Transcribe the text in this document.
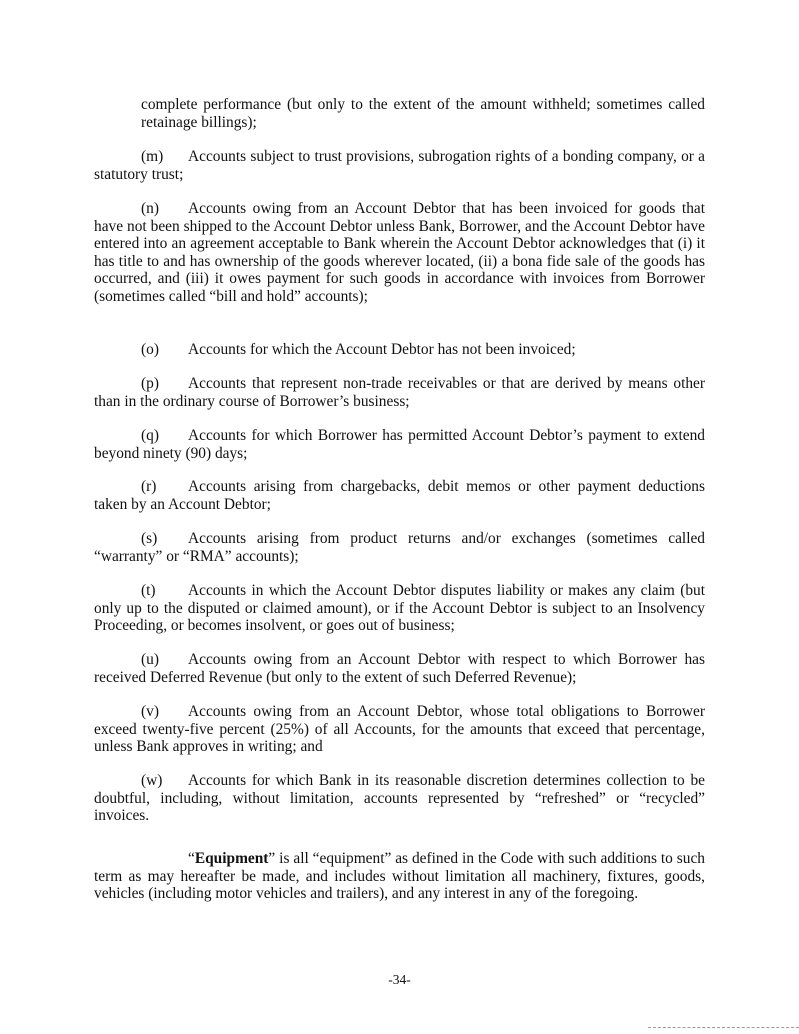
complete performance (but only to the extent of the amount withheld; sometimes called retainage billings);

(m) Accounts subject to trust provisions, subrogation rights of a bonding company, or a statutory trust;

(n) Accounts owing from an Account Debtor that has been invoiced for goods that have not been shipped to the Account Debtor unless Bank, Borrower, and the Account Debtor have entered into an agreement acceptable to Bank wherein the Account Debtor acknowledges that (i) it has title to and has ownership of the goods wherever located, (ii) a bona fide sale of the goods has occurred, and (iii) it owes payment for such goods in accordance with invoices from Borrower (sometimes called “bill and hold” accounts);

(o) Accounts for which the Account Debtor has not been invoiced;

(p) Accounts that represent non-trade receivables or that are derived by means other than in the ordinary course of Borrower’s business;

(q) Accounts for which Borrower has permitted Account Debtor’s payment to extend beyond ninety (90) days;

(r) Accounts arising from chargebacks, debit memos or other payment deductions taken by an Account Debtor;

(s) Accounts arising from product returns and/or exchanges (sometimes called “warranty” or “RMA” accounts);

(t) Accounts in which the Account Debtor disputes liability or makes any claim (but only up to the disputed or claimed amount), or if the Account Debtor is subject to an Insolvency Proceeding, or becomes insolvent, or goes out of business;

(u) Accounts owing from an Account Debtor with respect to which Borrower has received Deferred Revenue (but only to the extent of such Deferred Revenue);

(v) Accounts owing from an Account Debtor, whose total obligations to Borrower exceed twenty-five percent (25%) of all Accounts, for the amounts that exceed that percentage, unless Bank approves in writing; and

(w) Accounts for which Bank in its reasonable discretion determines collection to be doubtful, including, without limitation, accounts represented by “refreshed” or “recycled” invoices.

“Equipment” is all “equipment” as defined in the Code with such additions to such term as may hereafter be made, and includes without limitation all machinery, fixtures, goods, vehicles (including motor vehicles and trailers), and any interest in any of the foregoing.

-34-
